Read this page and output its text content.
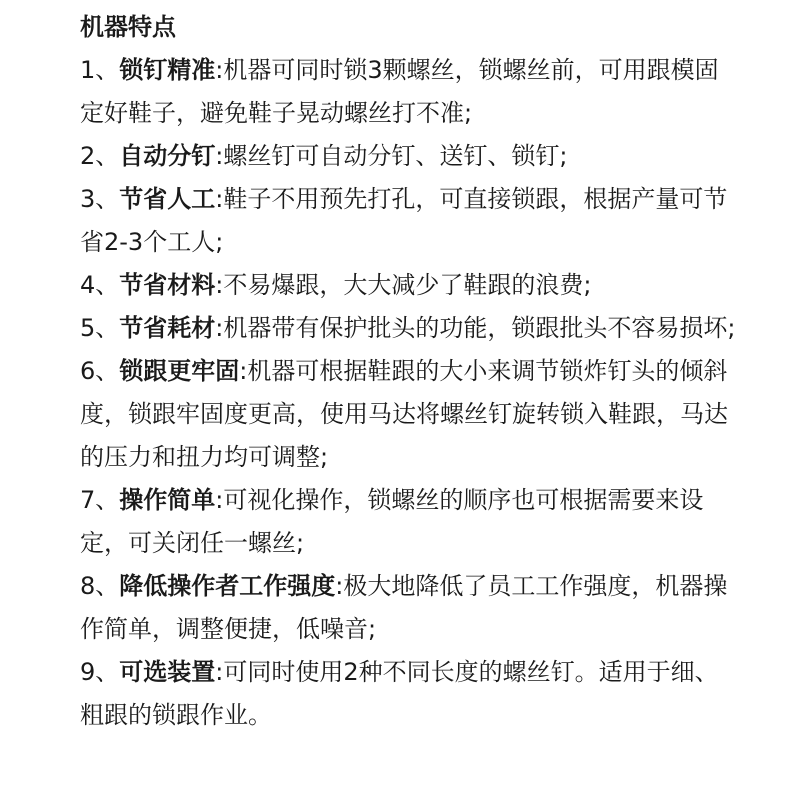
机器特点

1、锁钉精准:机器可同时锁3颗螺丝，锁螺丝前，可用跟模固定好鞋子，避免鞋子晃动螺丝打不准;

2、自动分钉:螺丝钉可自动分钉、送钉、锁钉;

3、节省人工:鞋子不用预先打孔，可直接锁跟，根据产量可节省2-3个工人;

4、节省材料:不易爆跟，大大减少了鞋跟的浪费;

5、节省耗材:机器带有保护批头的功能，锁跟批头不容易损坏;

6、锁跟更牢固:机器可根据鞋跟的大小来调节锁炸钉头的倾斜度，锁跟牢固度更高，使用马达将螺丝钉旋转锁入鞋跟，马达的压力和扭力均可调整;

7、操作简单:可视化操作，锁螺丝的顺序也可根据需要来设定，可关闭任一螺丝;

8、降低操作者工作强度:极大地降低了员工工作强度，机器操作简单，调整便捷，低噪音;

9、可选装置:可同时使用2种不同长度的螺丝钉。适用于细、粗跟的锁跟作业。
